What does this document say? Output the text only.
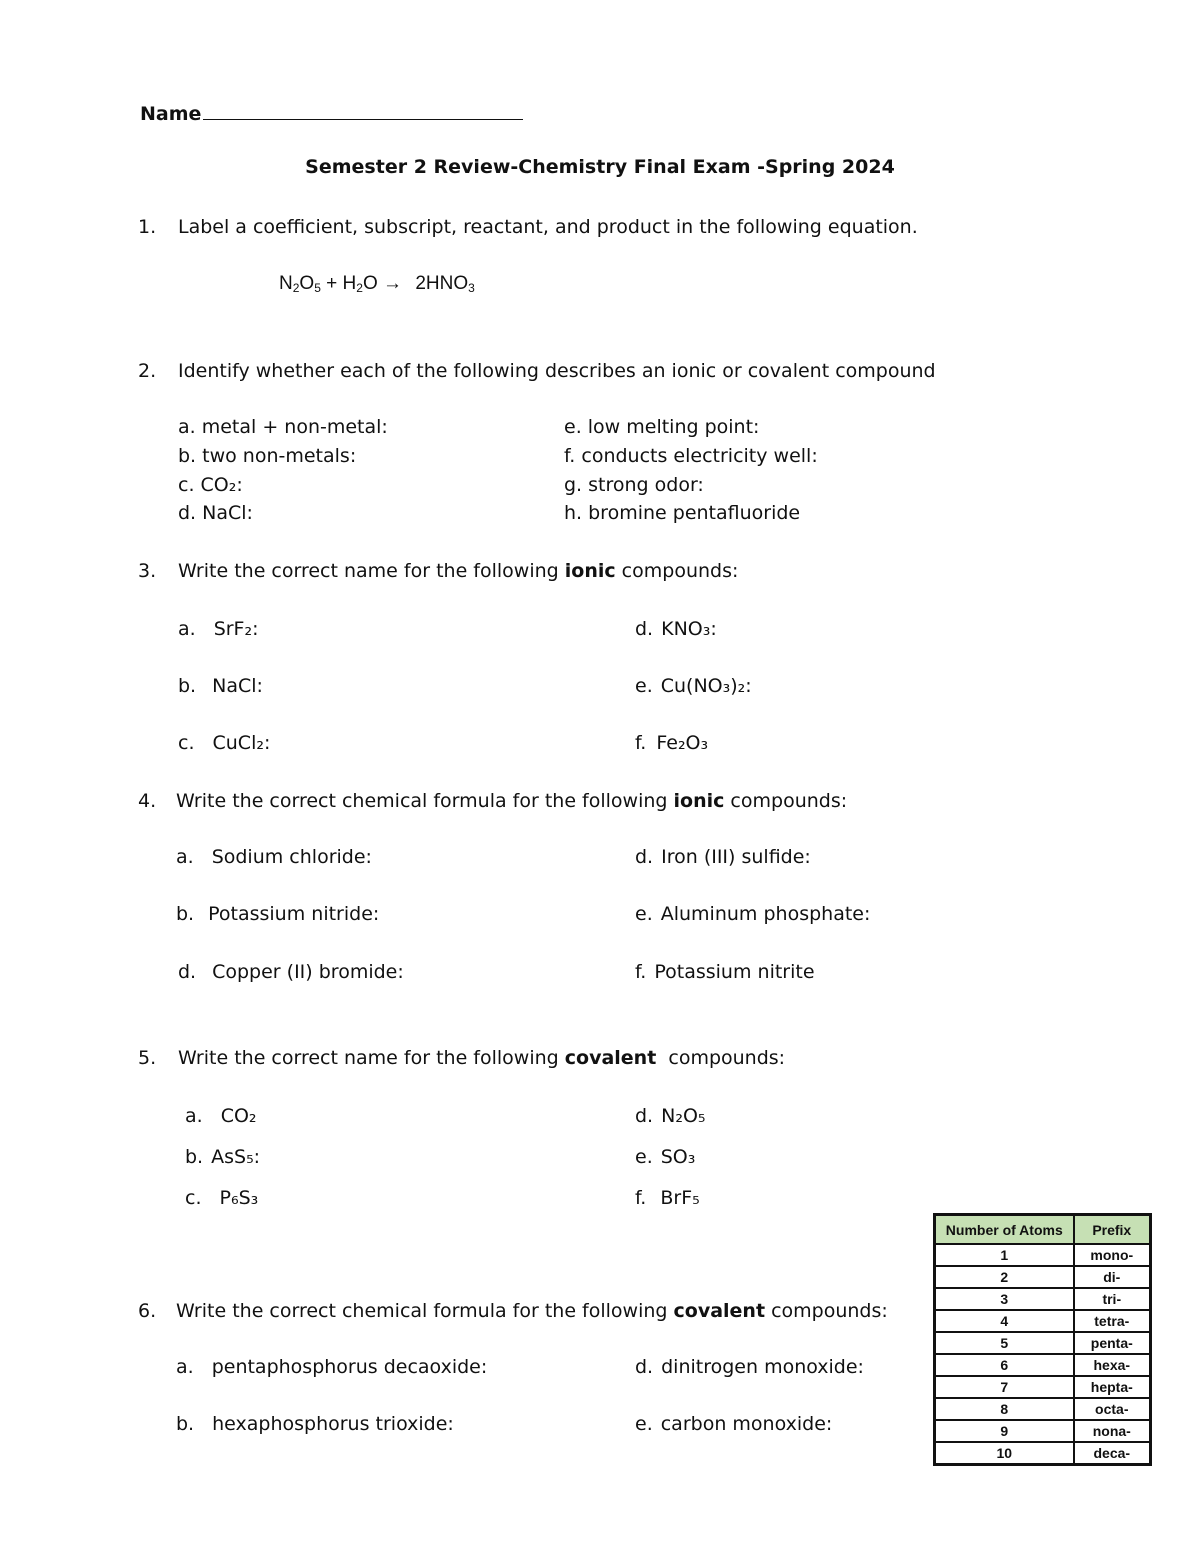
Name
Semester 2 Review-Chemistry Final Exam -Spring 2024
1.	Label a coefficient, subscript, reactant, and product in the following equation.
$N_2O_5 + H_2O \to 2HNO_3$
2.	Identify whether each of the following describes an ionic or covalent compound
a. metal + non-metal:
b. two non-metals:
c. CO₂:
d. NaCl:
e. low melting point:
f. conducts electricity well:
g. strong odor:
h. bromine pentafluoride
3.	Write the correct name for the following ionic compounds:
a. SrF₂:	d. KNO₃:
b. NaCl:	e. Cu(NO₃)₂:
c. CuCl₂:	f. Fe₂O₃
4.	Write the correct chemical formula for the following ionic compounds:
a. Sodium chloride:	d. Iron (III) sulfide:
b. Potassium nitride:	e. Aluminum phosphate:
d. Copper (II) bromide:	f. Potassium nitrite
5.	Write the correct name for the following covalent  compounds:
a. CO₂	d. N₂O₅
b. AsS₅:	e. SO₃
c. P₆S₃	f. BrF₅
6.	Write the correct chemical formula for the following covalent compounds:
a. pentaphosphorus decaoxide:	d. dinitrogen monoxide:
b. hexaphosphorus trioxide:	e. carbon monoxide:
Number of Atoms	Prefix
1	mono-
2	di-
3	tri-
4	tetra-
5	penta-
6	hexa-
7	hepta-
8	octa-
9	nona-
10	deca-
